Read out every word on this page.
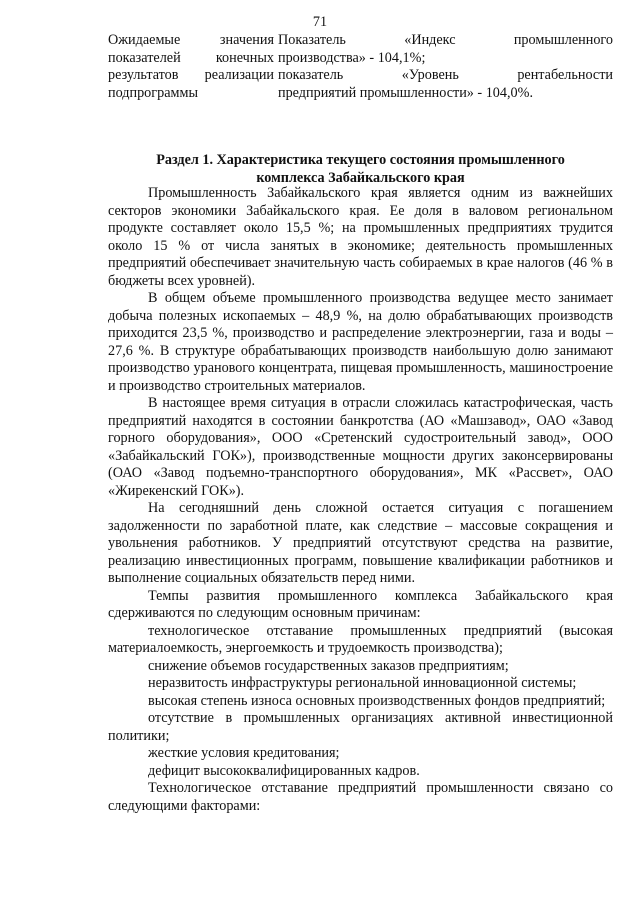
71

Ожидаемые значения

показателей конечных

результатов реализации

подпрограммы

Показатель «Индекс промышленного

производства» - 104,1%;

показатель «Уровень рентабельности

предприятий промышленности» - 104,0%.

Раздел 1. Характеристика текущего состояния промышленного
комплекса Забайкальского края

Промышленность Забайкальского края является одним из важнейших секторов экономики Забайкальского края. Ее доля в валовом региональном продукте составляет около 15,5 %; на промышленных предприятиях трудится около 15 % от числа занятых в экономике; деятельность промышленных предприятий обеспечивает значительную часть собираемых в крае налогов (46 % в бюджеты всех уровней).

В общем объеме промышленного производства ведущее место занимает добыча полезных ископаемых – 48,9 %, на долю обрабатывающих производств приходится 23,5 %, производство и распределение электроэнергии, газа и воды – 27,6 %. В структуре обрабатывающих производств наибольшую долю занимают производство уранового концентрата, пищевая промышленность, машиностроение и производство строительных материалов.

В настоящее время ситуация в отрасли сложилась катастрофическая, часть предприятий находятся в состоянии банкротства (АО «Машзавод», ОАО «Завод горного оборудования», ООО «Сретенский судостроительный завод», ООО «Забайкальский ГОК»), производственные мощности других законсервированы (ОАО «Завод подъемно-транспортного оборудования», МК «Рассвет», ОАО «Жирекенский ГОК»).

На сегодняшний день сложной остается ситуация с погашением задолженности по заработной плате, как следствие – массовые сокращения и увольнения работников. У предприятий отсутствуют средства на развитие, реализацию инвестиционных программ, повышение квалификации работников и выполнение социальных обязательств перед ними.

Темпы развития промышленного комплекса Забайкальского края сдерживаются по следующим основным причинам:

технологическое отставание промышленных предприятий (высокая материалоемкость, энергоемкость и трудоемкость производства);

снижение объемов государственных заказов предприятиям;

неразвитость инфраструктуры региональной инновационной системы;

высокая степень износа основных производственных фондов предприятий;

отсутствие в промышленных организациях активной инвестиционной политики;

жесткие условия кредитования;

дефицит высококвалифицированных кадров.

Технологическое отставание предприятий промышленности связано со следующими факторами:
